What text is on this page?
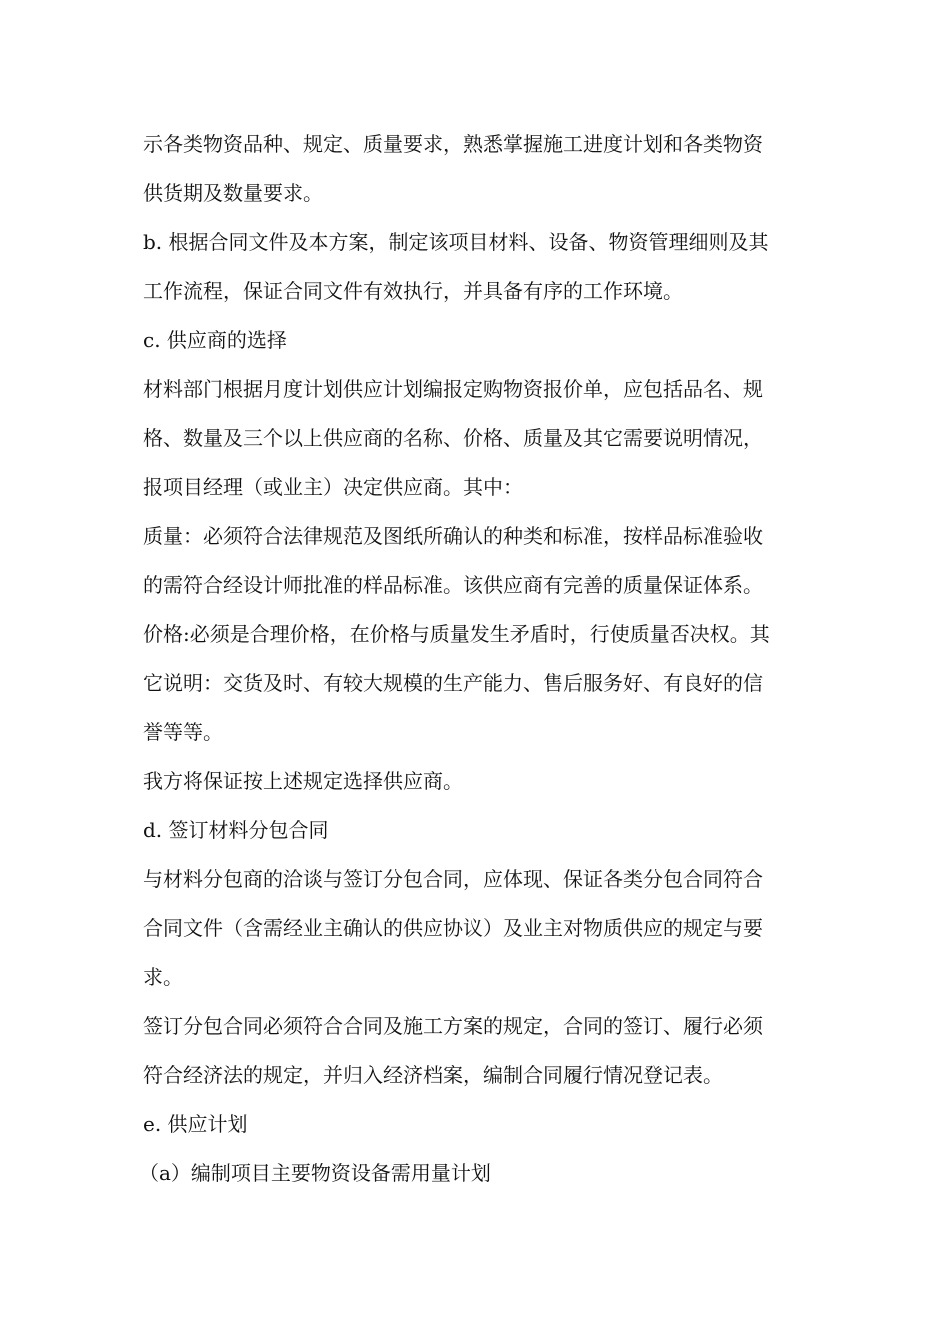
示各类物资品种、规定、质量要求，熟悉掌握施工进度计划和各类物资

供货期及数量要求。

b. 根据合同文件及本方案，制定该项目材料、设备、物资管理细则及其

工作流程，保证合同文件有效执行，并具备有序的工作环境。

c. 供应商的选择

材料部门根据月度计划供应计划编报定购物资报价单，应包括品名、规

格、数量及三个以上供应商的名称、价格、质量及其它需要说明情况，

报项目经理（或业主）决定供应商。其中：

质量：必须符合法律规范及图纸所确认的种类和标准，按样品标准验收

的需符合经设计师批准的样品标准。该供应商有完善的质量保证体系。

价格:必须是合理价格，在价格与质量发生矛盾时，行使质量否决权。其

它说明：交货及时、有较大规模的生产能力、售后服务好、有良好的信

誉等等。

我方将保证按上述规定选择供应商。

d. 签订材料分包合同

与材料分包商的洽谈与签订分包合同，应体现、保证各类分包合同符合

合同文件（含需经业主确认的供应协议）及业主对物质供应的规定与要

求。

签订分包合同必须符合合同及施工方案的规定，合同的签订、履行必须

符合经济法的规定，并归入经济档案，编制合同履行情况登记表。

e. 供应计划

（a）编制项目主要物资设备需用量计划
